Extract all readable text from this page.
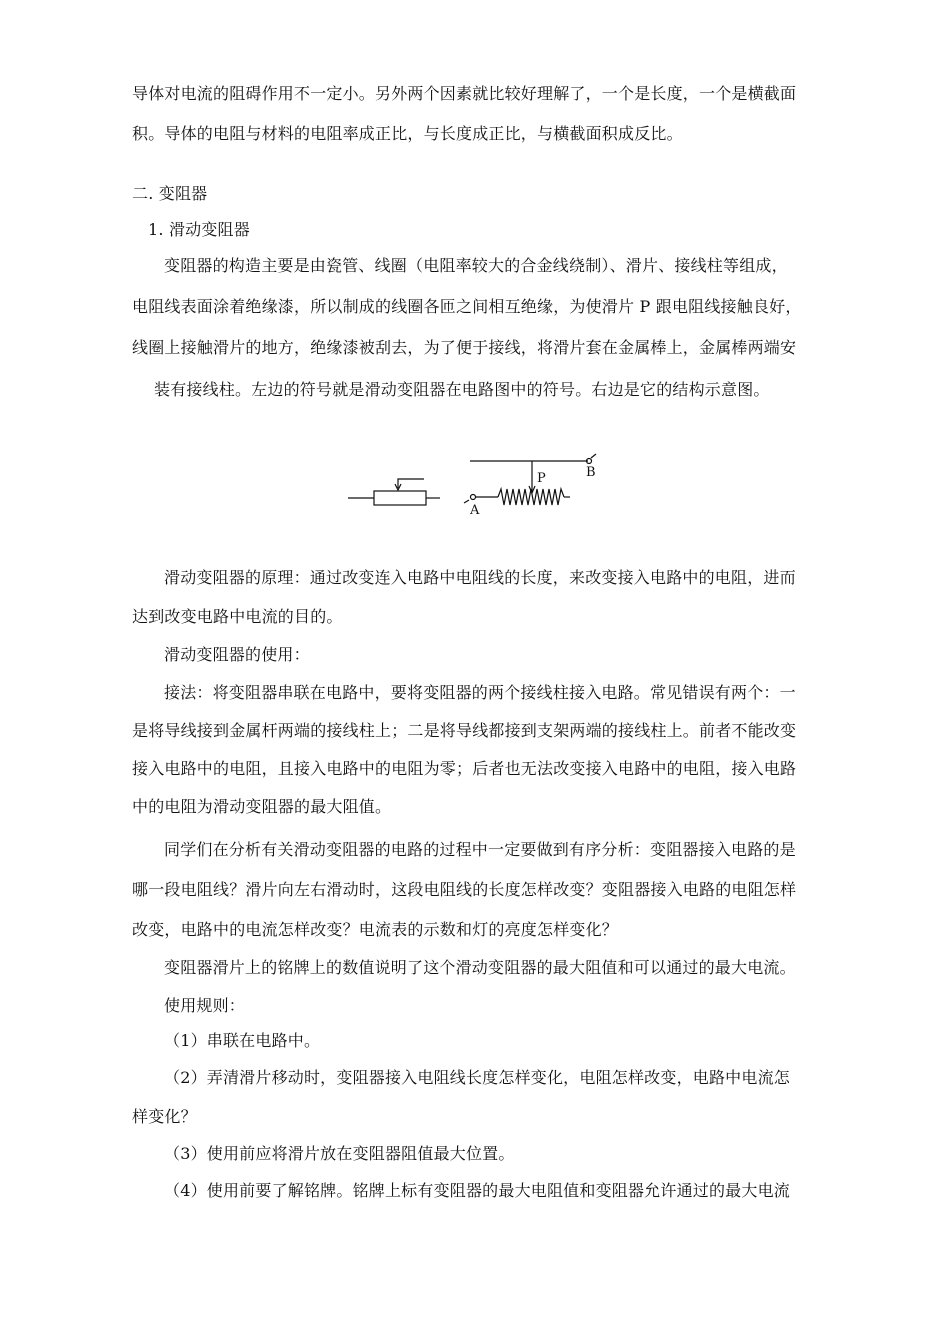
导体对电流的阻碍作用不一定小。另外两个因素就比较好理解了，一个是长度，一个是横截面
积。导体的电阻与材料的电阻率成正比，与长度成正比，与横截面积成反比。
二. 变阻器
1. 滑动变阻器
变阻器的构造主要是由瓷管、线圈（电阻率较大的合金线绕制）、滑片、接线柱等组成，
电阻线表面涂着绝缘漆，所以制成的线圈各匝之间相互绝缘，为使滑片 P 跟电阻线接触良好，
线圈上接触滑片的地方，绝缘漆被刮去，为了便于接线，将滑片套在金属棒上，金属棒两端安
装有接线柱。左边的符号就是滑动变阻器在电路图中的符号。右边是它的结构示意图。
P	B
A
滑动变阻器的原理：通过改变连入电路中电阻线的长度，来改变接入电路中的电阻，进而
达到改变电路中电流的目的。
滑动变阻器的使用：
接法：将变阻器串联在电路中，要将变阻器的两个接线柱接入电路。常见错误有两个：一
是将导线接到金属杆两端的接线柱上；二是将导线都接到支架两端的接线柱上。前者不能改变
接入电路中的电阻，且接入电路中的电阻为零；后者也无法改变接入电路中的电阻，接入电路
中的电阻为滑动变阻器的最大阻值。
同学们在分析有关滑动变阻器的电路的过程中一定要做到有序分析：变阻器接入电路的是
哪一段电阻线？滑片向左右滑动时，这段电阻线的长度怎样改变？变阻器接入电路的电阻怎样
改变，电路中的电流怎样改变？电流表的示数和灯的亮度怎样变化？
变阻器滑片上的铭牌上的数值说明了这个滑动变阻器的最大阻值和可以通过的最大电流。
使用规则：
（1）串联在电路中。
（2）弄清滑片移动时，变阻器接入电阻线长度怎样变化，电阻怎样改变，电路中电流怎
样变化？
（3）使用前应将滑片放在变阻器阻值最大位置。
（4）使用前要了解铭牌。铭牌上标有变阻器的最大电阻值和变阻器允许通过的最大电流
